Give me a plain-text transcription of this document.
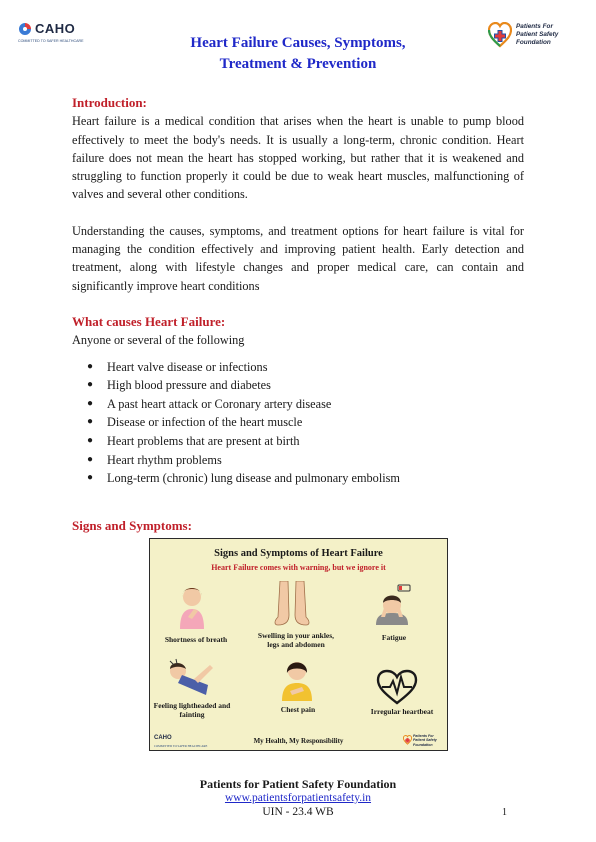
CAHO
COMMITTED TO SAFER HEALTHCARE
Patients For
Patient Safety
Foundation
Heart Failure Causes, Symptoms,
Treatment & Prevention
Introduction:

Heart failure is a medical condition that arises when the heart is unable to pump blood effectively to meet the body's needs. It is usually a long-term, chronic condition. Heart failure does not mean the heart has stopped working, but rather that it is weakened and struggling to function properly it could be due to weak heart muscles, malfunctioning of valves and several other conditions.

Understanding the causes, symptoms, and treatment options for heart failure is vital for managing the condition effectively and improving patient health. Early detection and treatment, along with lifestyle changes and proper medical care, can contain and significantly improve heart conditions

What causes Heart Failure:
Anyone or several of the following
● Heart valve disease or infections
● High blood pressure and diabetes
● A past heart attack or Coronary artery disease
● Disease or infection of the heart muscle
● Heart problems that are present at birth
● Heart rhythm problems
● Long-term (chronic) lung disease and pulmonary embolism
Signs and Symptoms:
Signs and Symptoms of Heart Failure
Heart Failure comes with warning, but we ignore it
Shortness of breath	Swelling in your ankles,
legs and abdomen
Fatigue
Feeling lightheaded and
fainting
Chest pain	Irregular heartbeat
CAHO
COMMITTED TO SAFER HEALTHCARE
My Health, My Responsibility
Patients For
Patient Safety
Foundation
Patients for Patient Safety Foundation
www.patientsforpatientsafety.in
UIN - 23.4 WB	1
